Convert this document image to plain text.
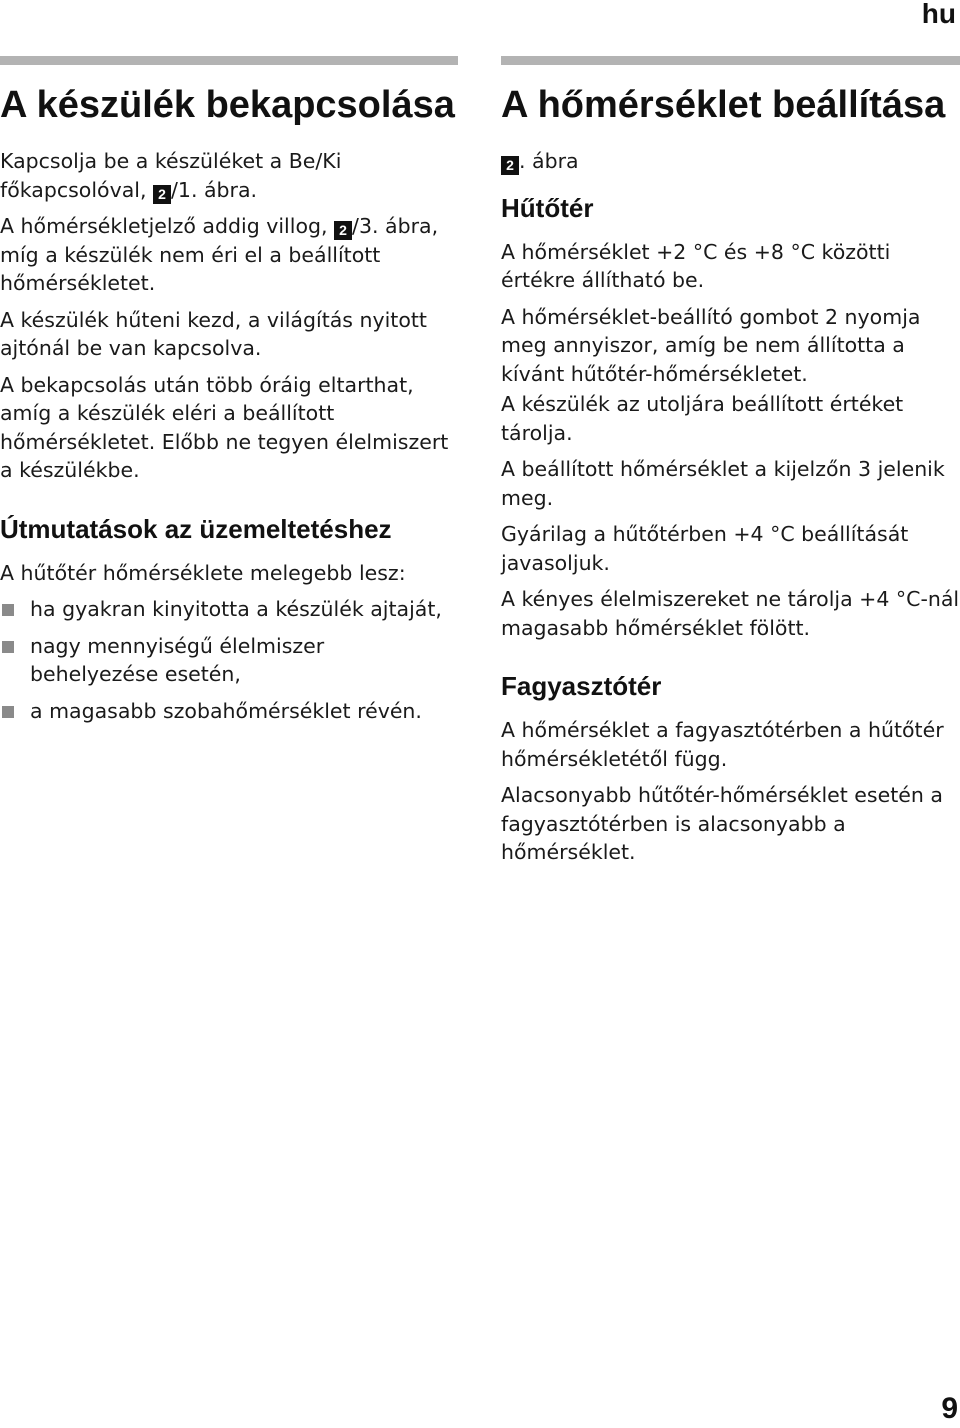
hu
A készülék bekapcsolása

Kapcsolja be a készüléket a Be/Ki főkapcsolóval, 2 /1. ábra.

A hőmérsékletjelző addig villog, 2 /3. ábra, míg a készülék nem éri el a beállított hőmérsékletet.

A készülék hűteni kezd, a világítás nyitott ajtónál be van kapcsolva.

A bekapcsolás után több óráig eltarthat, amíg a készülék eléri a beállított hőmérsékletet. Előbb ne tegyen élelmiszert a készülékbe.

Útmutatások az üzemeltetéshez

A hűtőtér hőmérséklete melegebb lesz:

ha gyakran kinyitotta a készülék ajtaját,
nagy mennyiségű élelmiszer behelyezése esetén,
a magasabb szobahőmérséklet révén.
A hőmérséklet beállítása

2 . ábra

Hűtőtér

A hőmérséklet +2 °C és +8 °C közötti értékre állítható be.

A hőmérséklet-beállító gombot 2 nyomja meg annyiszor, amíg be nem állította a kívánt hűtőtér-hőmérsékletet.

A készülék az utoljára beállított értéket tárolja.

A beállított hőmérséklet a kijelzőn 3 jelenik meg.

Gyárilag a hűtőtérben +4 °C beállítását javasoljuk.

A kényes élelmiszereket ne tárolja +4 °C-nál magasabb hőmérséklet fölött.

Fagyasztótér

A hőmérséklet a fagyasztótérben a hűtőtér hőmérsékletétől függ.

Alacsonyabb hűtőtér-hőmérséklet esetén a fagyasztótérben is alacsonyabb a hőmérséklet.

9
